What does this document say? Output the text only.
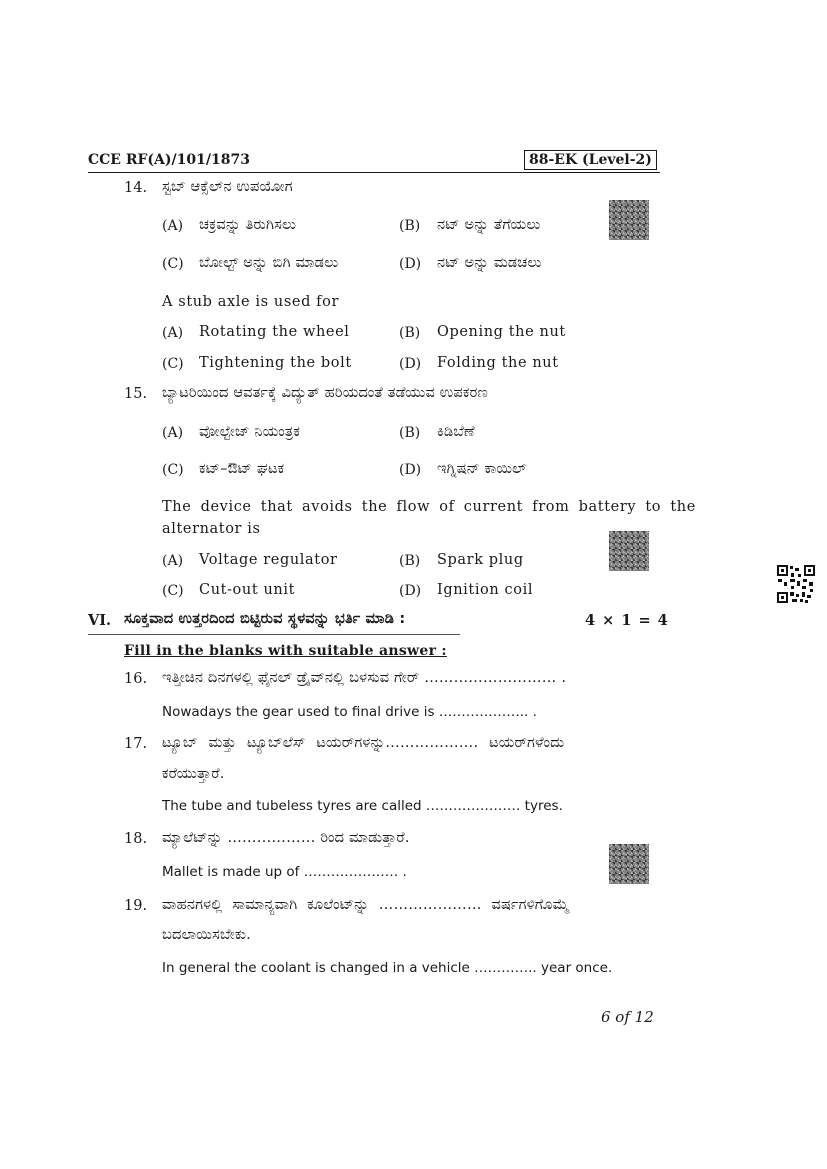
CCE RF(A)/101/1873	88-EK (Level-2)
14. ಸ್ಟಬ್ ಆಕ್ಸೆಲ್‌ನ ಉಪಯೋಗ
(A) ಚಕ್ರವನ್ನು ತಿರುಗಿಸಲು	(B) ನಟ್ ಅನ್ನು ತೆಗೆಯಲು
(C) ಬೋಲ್ಟ್ ಅನ್ನು ಬಿಗಿ ಮಾಡಲು	(D) ನಟ್ ಅನ್ನು ಮಡಚಲು
A stub axle is used for
(A) Rotating the wheel	(B) Opening the nut
(C) Tightening the bolt	(D) Folding the nut
15. ಬ್ಯಾಟರಿಯಿಂದ ಆವರ್ತಕ್ಕೆ ವಿದ್ಯುತ್ ಹರಿಯದಂತೆ ತಡೆಯುವ ಉಪಕರಣ
(A) ವೋಲ್ಟೇಜ್ ನಿಯಂತ್ರಕ	(B) ಕಿಡಿಬೆಣೆ
(C) ಕಟ್–ಔಟ್ ಘಟಕ	(D) ಇಗ್ನಿಷನ್ ಕಾಯಿಲ್
The device that avoids the flow of current from battery to the
alternator is
(A) Voltage regulator	(B) Spark plug
(C) Cut-out unit	(D) Ignition coil
VI. ಸೂಕ್ತವಾದ ಉತ್ತರದಿಂದ ಬಿಟ್ಟಿರುವ ಸ್ಥಳವನ್ನು ಭರ್ತಿ ಮಾಡಿ :	4 × 1 = 4
Fill in the blanks with suitable answer :
16. ಇತ್ತೀಚಿನ ದಿನಗಳಲ್ಲಿ ಫೈನಲ್ ಡ್ರೈವ್‌ನಲ್ಲಿ ಬಳಸುವ ಗೇರ್ ……………………… .
Nowadays the gear used to final drive is ……………….. .
17. ಟ್ಯೂಬ್ ಮತ್ತು ಟ್ಯೂಬ್‌ಲೆಸ್ ಟಯರ್‌ಗಳನ್ನು………………. ಟಯರ್‌ಗಳೆಂದು
ಕರೆಯುತ್ತಾರೆ.
The tube and tubeless tyres are called ………………… tyres.
18. ಮ್ಯಾಲೆಟ್‌ನ್ನು ……………… ರಿಂದ ಮಾಡುತ್ತಾರೆ.
Mallet is made up of ………………… .
19. ವಾಹನಗಳಲ್ಲಿ ಸಾಮಾನ್ಯವಾಗಿ ಕೂಲೆಂಟ್‌ನ್ನು ………………… ವರ್ಷಗಳಿಗೊಮ್ಮೆ
ಬದಲಾಯಿಸಬೇಕು.
In general the coolant is changed in a vehicle ………….. year once.
6 of 12
